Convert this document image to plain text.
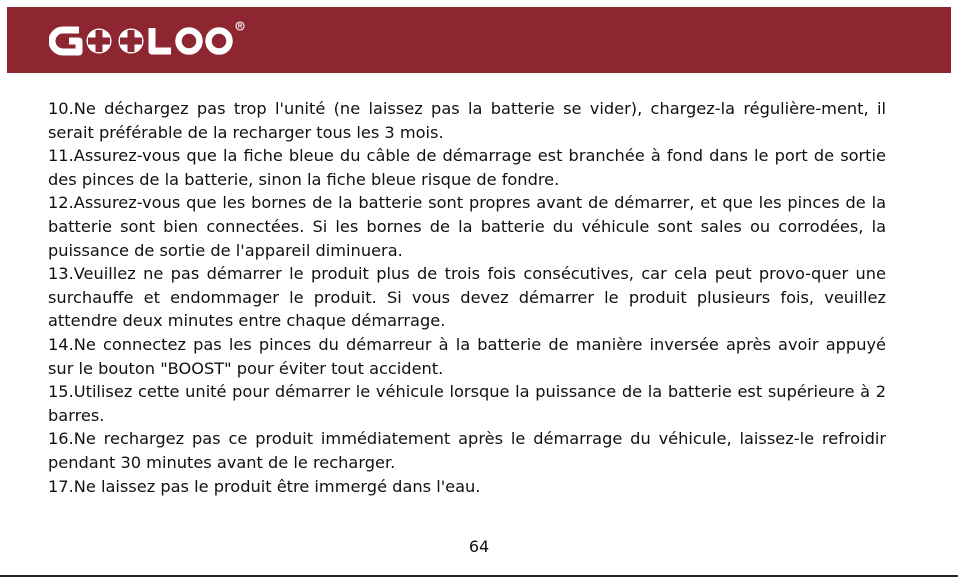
R

10.Ne déchargez pas trop l'unité (ne laissez pas la batterie se vider), chargez-la régulière-ment, il serait préférable de la recharger tous les 3 mois.

11.Assurez-vous que la fiche bleue du câble de démarrage est branchée à fond dans le port de sortie des pinces de la batterie, sinon la fiche bleue risque de fondre.

12.Assurez-vous que les bornes de la batterie sont propres avant de démarrer, et que les pinces de la batterie sont bien connectées. Si les bornes de la batterie du véhicule sont sales ou corrodées, la puissance de sortie de l'appareil diminuera.

13.Veuillez ne pas démarrer le produit plus de trois fois consécutives, car cela peut provo-quer une surchauffe et endommager le produit. Si vous devez démarrer le produit plusieurs fois, veuillez attendre deux minutes entre chaque démarrage.

14.Ne connectez pas les pinces du démarreur à la batterie de manière inversée après avoir appuyé sur le bouton "BOOST" pour éviter tout accident.

15.Utilisez cette unité pour démarrer le véhicule lorsque la puissance de la batterie est supérieure à 2 barres.

16.Ne rechargez pas ce produit immédiatement après le démarrage du véhicule, laissez-le refroidir pendant 30 minutes avant de le recharger.

17.Ne laissez pas le produit être immergé dans l'eau.

64
